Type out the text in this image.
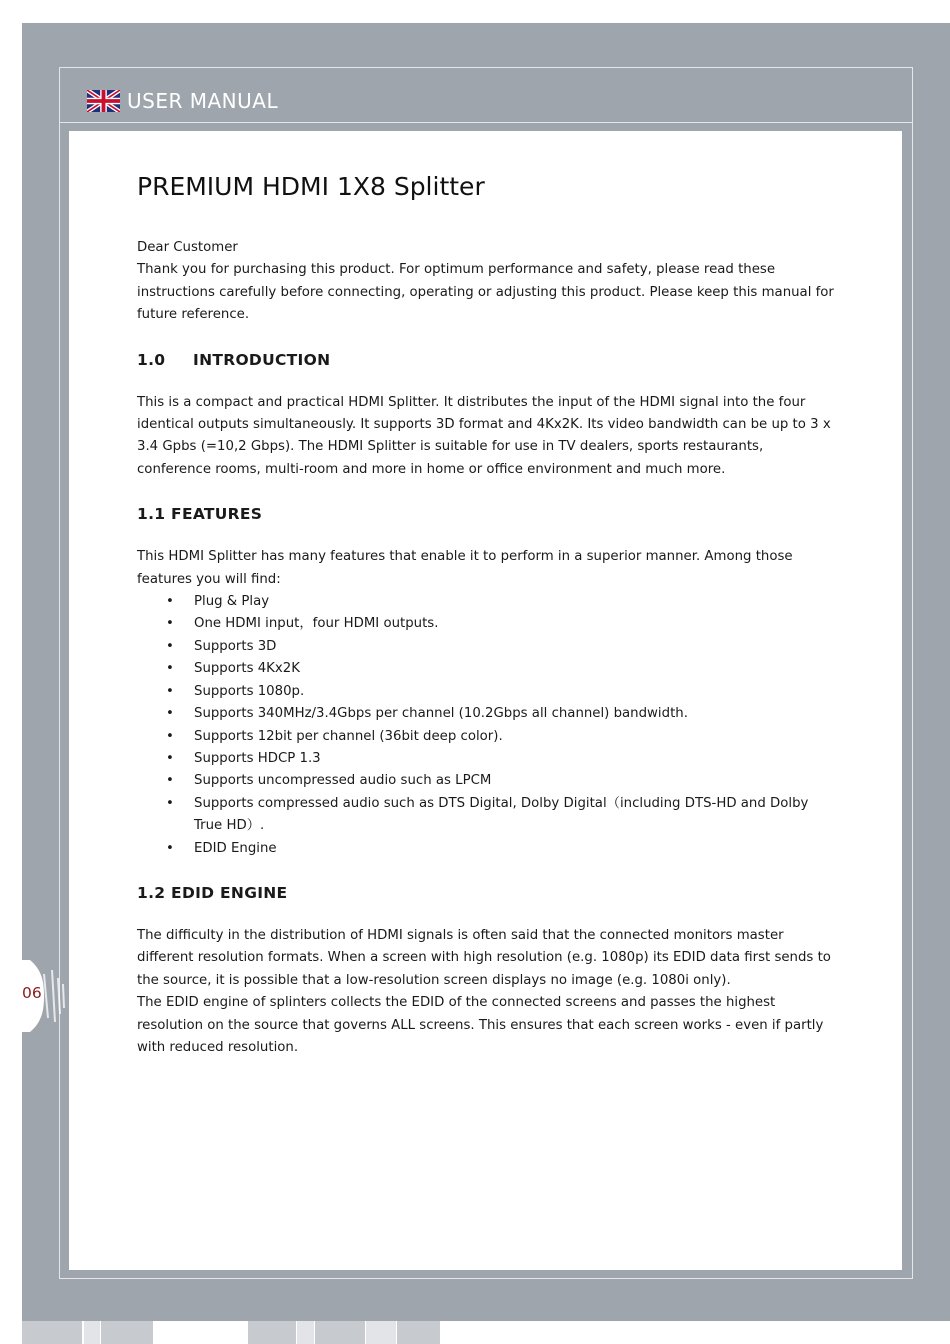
USER MANUAL
PREMIUM HDMI 1X8 Splitter

Dear Customer

Thank you for purchasing this product. For optimum performance and safety, please read these instructions carefully before connecting, operating or adjusting this product. Please keep this manual for future reference.

1.0 INTRODUCTION

This is a compact and practical HDMI Splitter. It distributes the input of the HDMI signal into the four identical outputs simultaneously. It supports 3D format and 4Kx2K. Its video bandwidth can be up to 3 x 3.4 Gpbs (=10,2 Gbps). The HDMI Splitter is suitable for use in TV dealers, sports restaurants, conference rooms, multi-room and more in home or office environment and much more.

1.1 FEATURES

This HDMI Splitter has many features that enable it to perform in a superior manner. Among those features you will find:

• Plug & Play
• One HDMI input，four HDMI outputs.
• Supports 3D
• Supports 4Kx2K
• Supports 1080p.
• Supports 340MHz/3.4Gbps per channel (10.2Gbps all channel) bandwidth.
• Supports 12bit per channel (36bit deep color).
• Supports HDCP 1.3
• Supports uncompressed audio such as LPCM
• Supports compressed audio such as DTS Digital, Dolby Digital（including DTS-HD and Dolby True HD）.
• EDID Engine
1.2 EDID ENGINE

The difficulty in the distribution of HDMI signals is often said that the connected monitors master different resolution formats. When a screen with high resolution (e.g. 1080p) its EDID data first sends to the source, it is possible that a low-resolution screen displays no image (e.g. 1080i only).

The EDID engine of splinters collects the EDID of the connected screens and passes the highest resolution on the source that governs ALL screens. This ensures that each screen works - even if partly with reduced resolution.

06
